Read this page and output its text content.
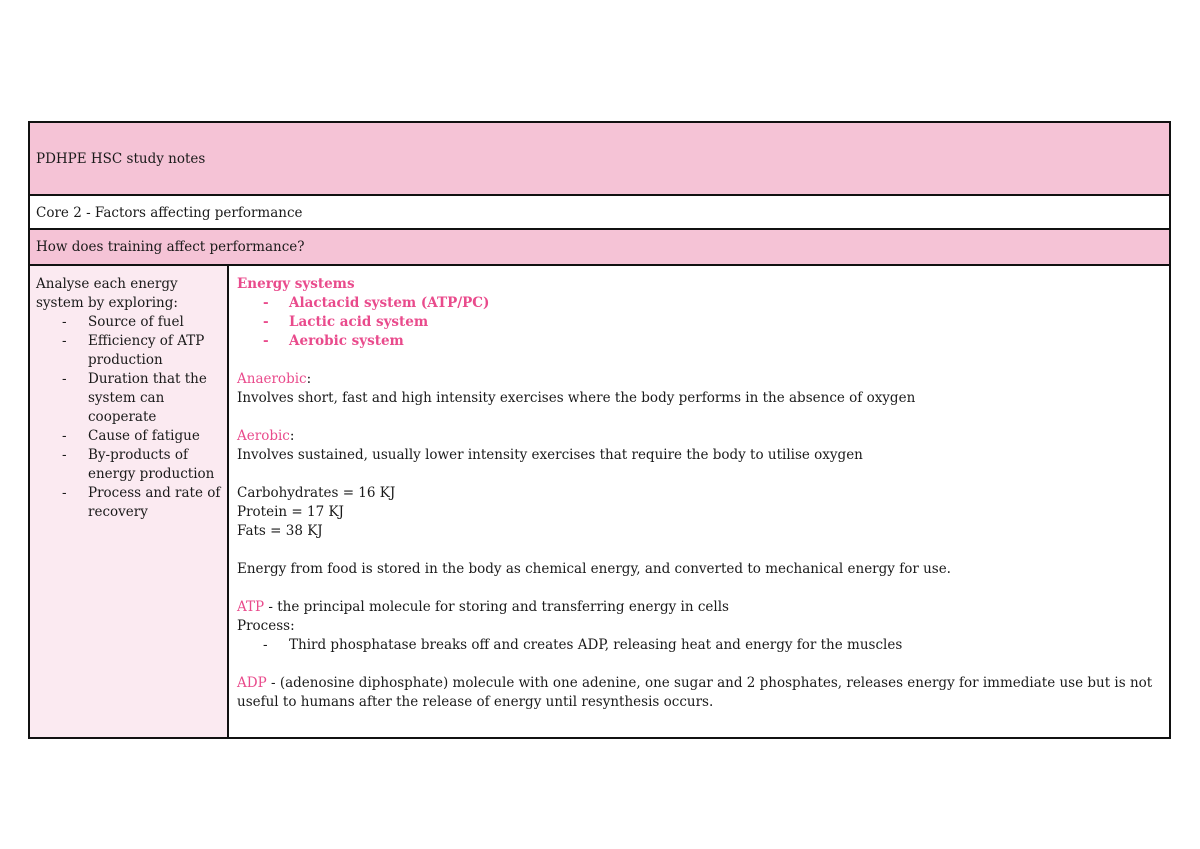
PDHPE HSC study notes
Core 2 - Factors affecting performance
How does training affect performance?

Analyse each energy system by exploring:

- Source of fuel
- Efficiency of ATP production
- Duration that the system can cooperate
- Cause of fatigue
- By-products of energy production
- Process and rate of recovery

Energy systems

- Alactacid system (ATP/PC)
- Lactic acid system
- Aerobic system

Anaerobic:

Involves short, fast and high intensity exercises where the body performs in the absence of oxygen

Aerobic:

Involves sustained, usually lower intensity exercises that require the body to utilise oxygen

Carbohydrates = 16 KJ

Protein = 17 KJ

Fats = 38 KJ

Energy from food is stored in the body as chemical energy, and converted to mechanical energy for use.

ATP - the principal molecule for storing and transferring energy in cells

Process:

- Third phosphatase breaks off and creates ADP, releasing heat and energy for the muscles

ADP - (adenosine diphosphate) molecule with one adenine, one sugar and 2 phosphates, releases energy for immediate use but is not useful to humans after the release of energy until resynthesis occurs.
